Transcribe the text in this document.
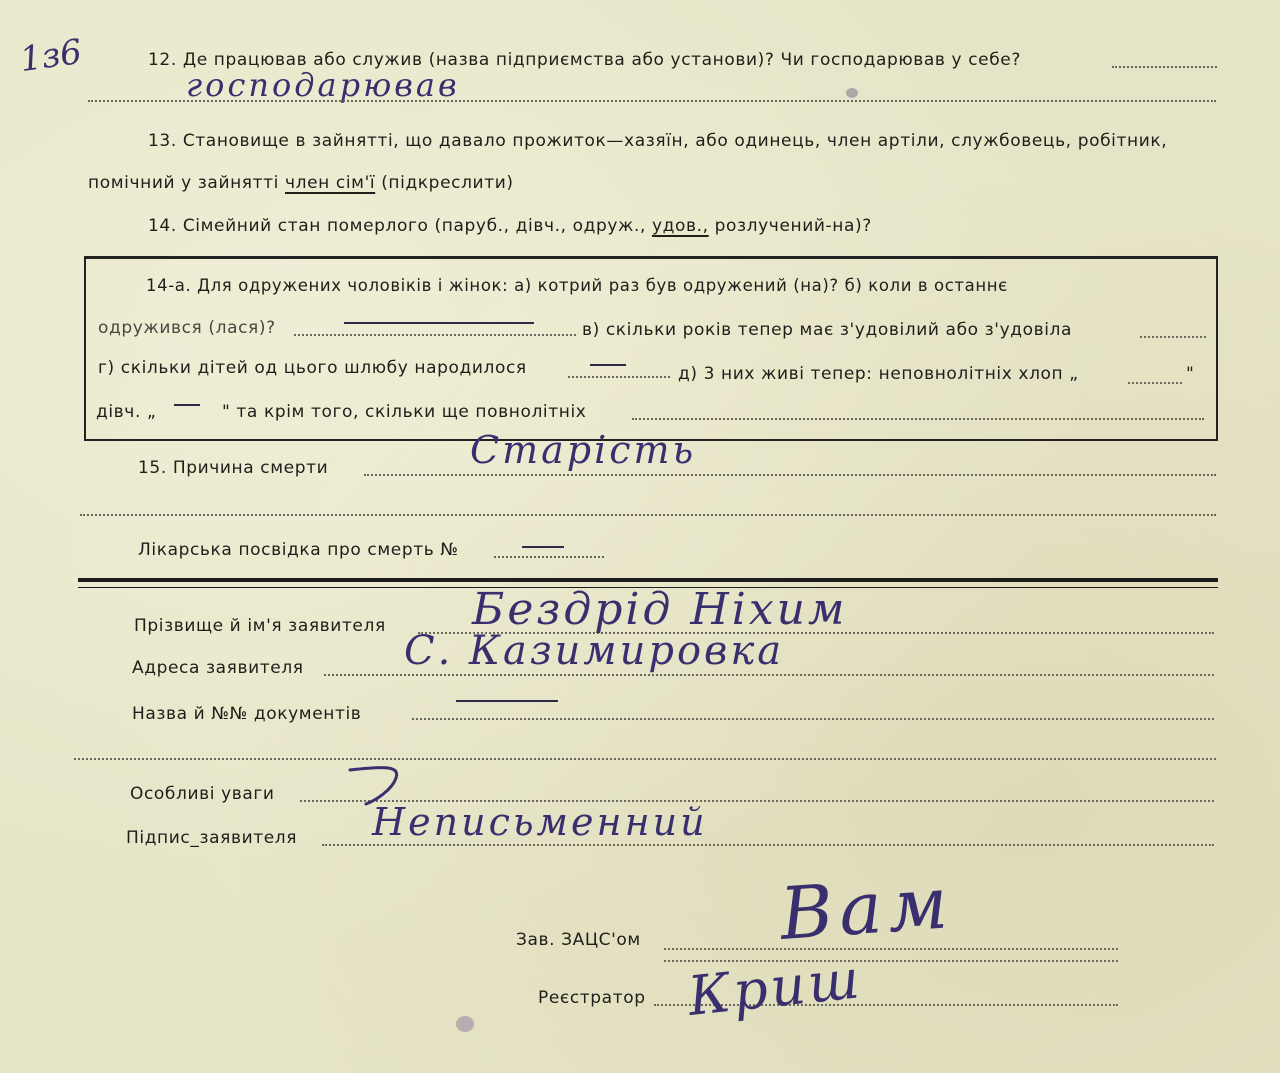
1з6	12. Де працював або служив (назва підприємства або установи)? Чи господарював у себе?
господарював
13. Становище в зайнятті, що давало прожиток—хазяїн, або одинець, член артіли, службовець, робітник,
помічний у зайнятті член сім'ї (підкреслити)
14. Сімейний стан померлого (паруб., дівч., одруж., удов., розлучений-на)?
14-а. Для одружених чоловіків і жінок: а) котрий раз був одружений (на)? б) коли в останнє
одружився (лася)?	в) скільки років тепер має з'удовілий або з'удовіла
г) скільки дітей од цього шлюбу народилося	д) 3 них живі тепер: неповнолітніх хлоп „	"
дівч. „	" та крім того, скільки ще повнолітніх
15. Причина смерти	Старість
Лікарська посвідка про смерть №
Прізвище й ім'я заявителя Бездрід Ніхим
Адреса заявителя	С. Казимировка
Назва й №№ документів
Особливі уваги
Підпис_заявителя Неписьменний
Зав. ЗАЦС'ом Вам
Реєстратор Криш
